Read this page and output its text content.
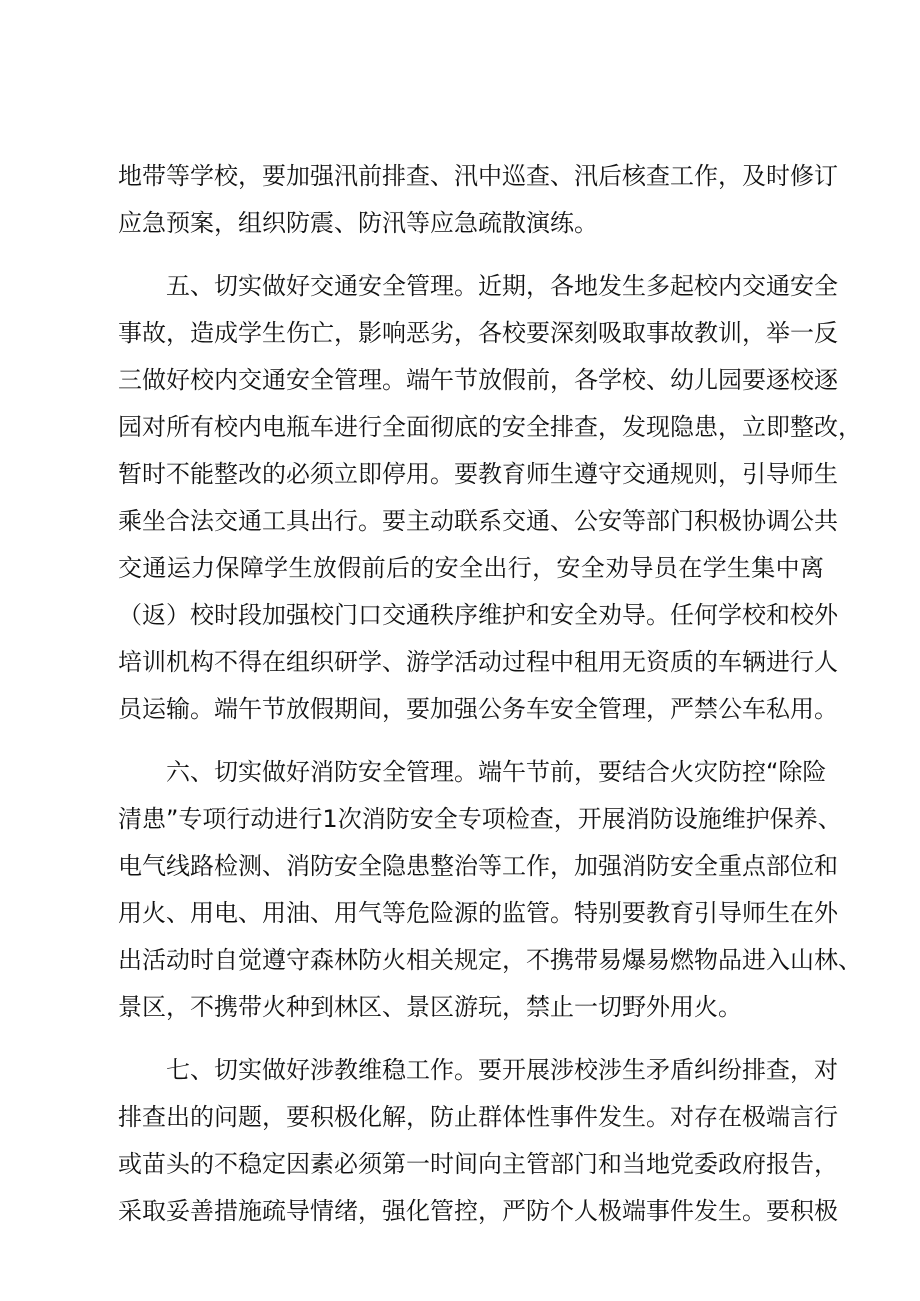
地带等学校，要加强汛前排查、汛中巡查、汛后核查工作，及时修订
应急预案，组织防震、防汛等应急疏散演练。
五、切实做好交通安全管理。近期，各地发生多起校内交通安全
事故，造成学生伤亡，影响恶劣，各校要深刻吸取事故教训，举一反
三做好校内交通安全管理。端午节放假前，各学校、幼儿园要逐校逐
园对所有校内电瓶车进行全面彻底的安全排查，发现隐患，立即整改，
暂时不能整改的必须立即停用。要教育师生遵守交通规则，引导师生
乘坐合法交通工具出行。要主动联系交通、公安等部门积极协调公共
交通运力保障学生放假前后的安全出行，安全劝导员在学生集中离
（返）校时段加强校门口交通秩序维护和安全劝导。任何学校和校外
培训机构不得在组织研学、游学活动过程中租用无资质的车辆进行人
员运输。端午节放假期间，要加强公务车安全管理，严禁公车私用。
六、切实做好消防安全管理。端午节前，要结合火灾防控“除险
清患”专项行动进行1次消防安全专项检查，开展消防设施维护保养、
电气线路检测、消防安全隐患整治等工作，加强消防安全重点部位和
用火、用电、用油、用气等危险源的监管。特别要教育引导师生在外
出活动时自觉遵守森林防火相关规定，不携带易爆易燃物品进入山林、
景区，不携带火种到林区、景区游玩，禁止一切野外用火。
七、切实做好涉教维稳工作。要开展涉校涉生矛盾纠纷排查，对
排查出的问题，要积极化解，防止群体性事件发生。对存在极端言行
或苗头的不稳定因素必须第一时间向主管部门和当地党委政府报告，
采取妥善措施疏导情绪，强化管控，严防个人极端事件发生。要积极
